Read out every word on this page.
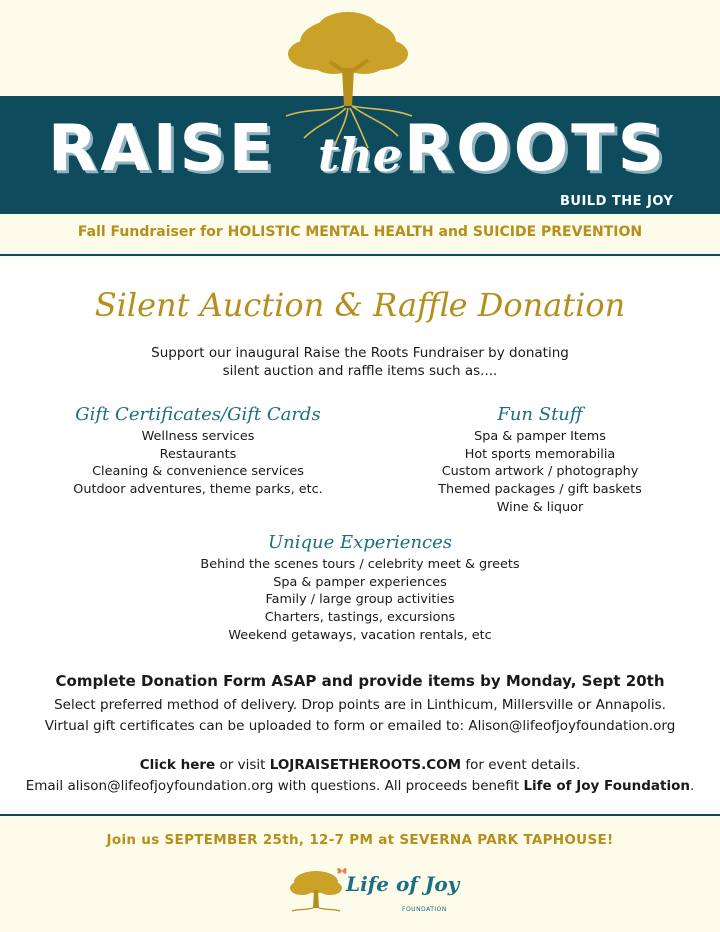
RAISE the ROOTS
BUILD THE JOY
Fall Fundraiser for HOLISTIC MENTAL HEALTH and SUICIDE PREVENTION
Silent Auction & Raffle Donation
Support our inaugural Raise the Roots Fundraiser by donating
silent auction and raffle items such as....
Gift Certificates/Gift Cards
Wellness services
Restaurants
Cleaning & convenience services
Outdoor adventures, theme parks, etc.
Fun Stuff
Spa & pamper Items
Hot sports memorabilia
Custom artwork / photography
Themed packages / gift baskets
Wine & liquor
Unique Experiences
Behind the scenes tours / celebrity meet & greets
Spa & pamper experiences
Family / large group activities
Charters, tastings, excursions
Weekend getaways, vacation rentals, etc
Complete Donation Form ASAP and provide items by Monday, Sept 20th
Select preferred method of delivery. Drop points are in Linthicum, Millersville or Annapolis.
Virtual gift certificates can be uploaded to form or emailed to: Alison@lifeofjoyfoundation.org
Click here or visit LOJRAISETHEROOTS.COM for event details.
Email alison@lifeofjoyfoundation.org with questions. All proceeds benefit Life of Joy Foundation.
Join us SEPTEMBER 25th, 12-7 PM at SEVERNA PARK TAPHOUSE!
Life of Joy
FOUNDATION
